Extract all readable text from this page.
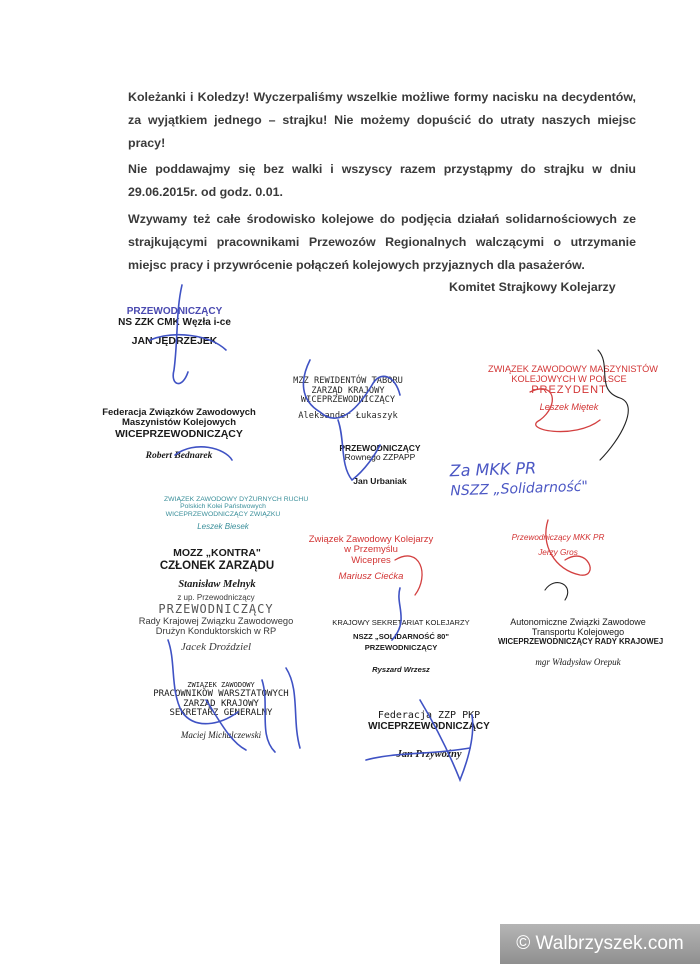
Koleżanki i Koledzy! Wyczerpaliśmy wszelkie możliwe formy nacisku na decydentów, za wyjątkiem jednego – strajku! Nie możemy dopuścić do utraty naszych miejsc pracy!

Nie poddawajmy się bez walki i wszyscy razem przystąpmy do strajku w dniu 29.06.2015r. od godz. 0.01.

Wzywamy też całe środowisko kolejowe do podjęcia działań solidarnościowych ze strajkującymi pracownikami Przewozów Regionalnych walczącymi o utrzymanie miejsc pracy i przywrócenie połączeń kolejowych przyjaznych dla pasażerów.

Komitet Strajkowy Kolejarzy
PRZEWODNICZĄCY
NS ZZK CMK Węzła i-ce
JAN JĘDRZEJEK
Federacja Związków Zawodowych
Maszynistów Kolejowych
WICEPRZEWODNICZĄCY
Robert Bednarek
MZZ REWIDENTÓW TABORU
ZARZĄD KRAJOWY
WICEPRZEWODNICZĄCY
Aleksander Łukaszyk
PRZEWODNICZĄCY
Rownego ZZPAPP
Jan Urbaniak
ZWIĄZEK ZAWODOWY MASZYNISTÓW
KOLEJOWYCH W POLSCE
PREZYDENT
Leszek Miętek
ZWIĄZEK ZAWODOWY DYŻURNYCH RUCHU
Polskich Kolei Państwowych
WICEPRZEWODNICZĄCY ZWIĄZKU
Leszek Biesek
MOZZ „KONTRA"
CZŁONEK ZARZĄDU
Stanisław Melnyk
z up. Przewodniczący
PRZEWODNICZĄCY
Rady Krajowej Związku Zawodowego
Drużyn Konduktorskich w RP
Jacek Droździel
Związek Zawodowy Kolejarzy
w Przemyślu
Wicepres
Mariusz Ciećka
KRAJOWY SEKRETARIAT KOLEJARZY
NSZZ „SOLIDARNOŚĆ 80"
PRZEWODNICZĄCY
Ryszard Wrzesz
Przewodniczący MKK PR
Jerzy Gros
Autonomiczne Związki Zawodowe
Transportu Kolejowego
WICEPRZEWODNICZĄCY RADY KRAJOWEJ
mgr Władysław Orepuk
ZWIĄZEK ZAWODOWY
PRACOWNIKÓW WARSZTATOWYCH
ZARZĄD KRAJOWY
SEKRETARZ GENERALNY
Maciej Michalczewski
Federacja ZZP PKP
WICEPRZEWODNICZĄCY
Jan Przywoźny
Za MKK PR
NSZZ „Solidarność"
© Walbrzyszek.com
